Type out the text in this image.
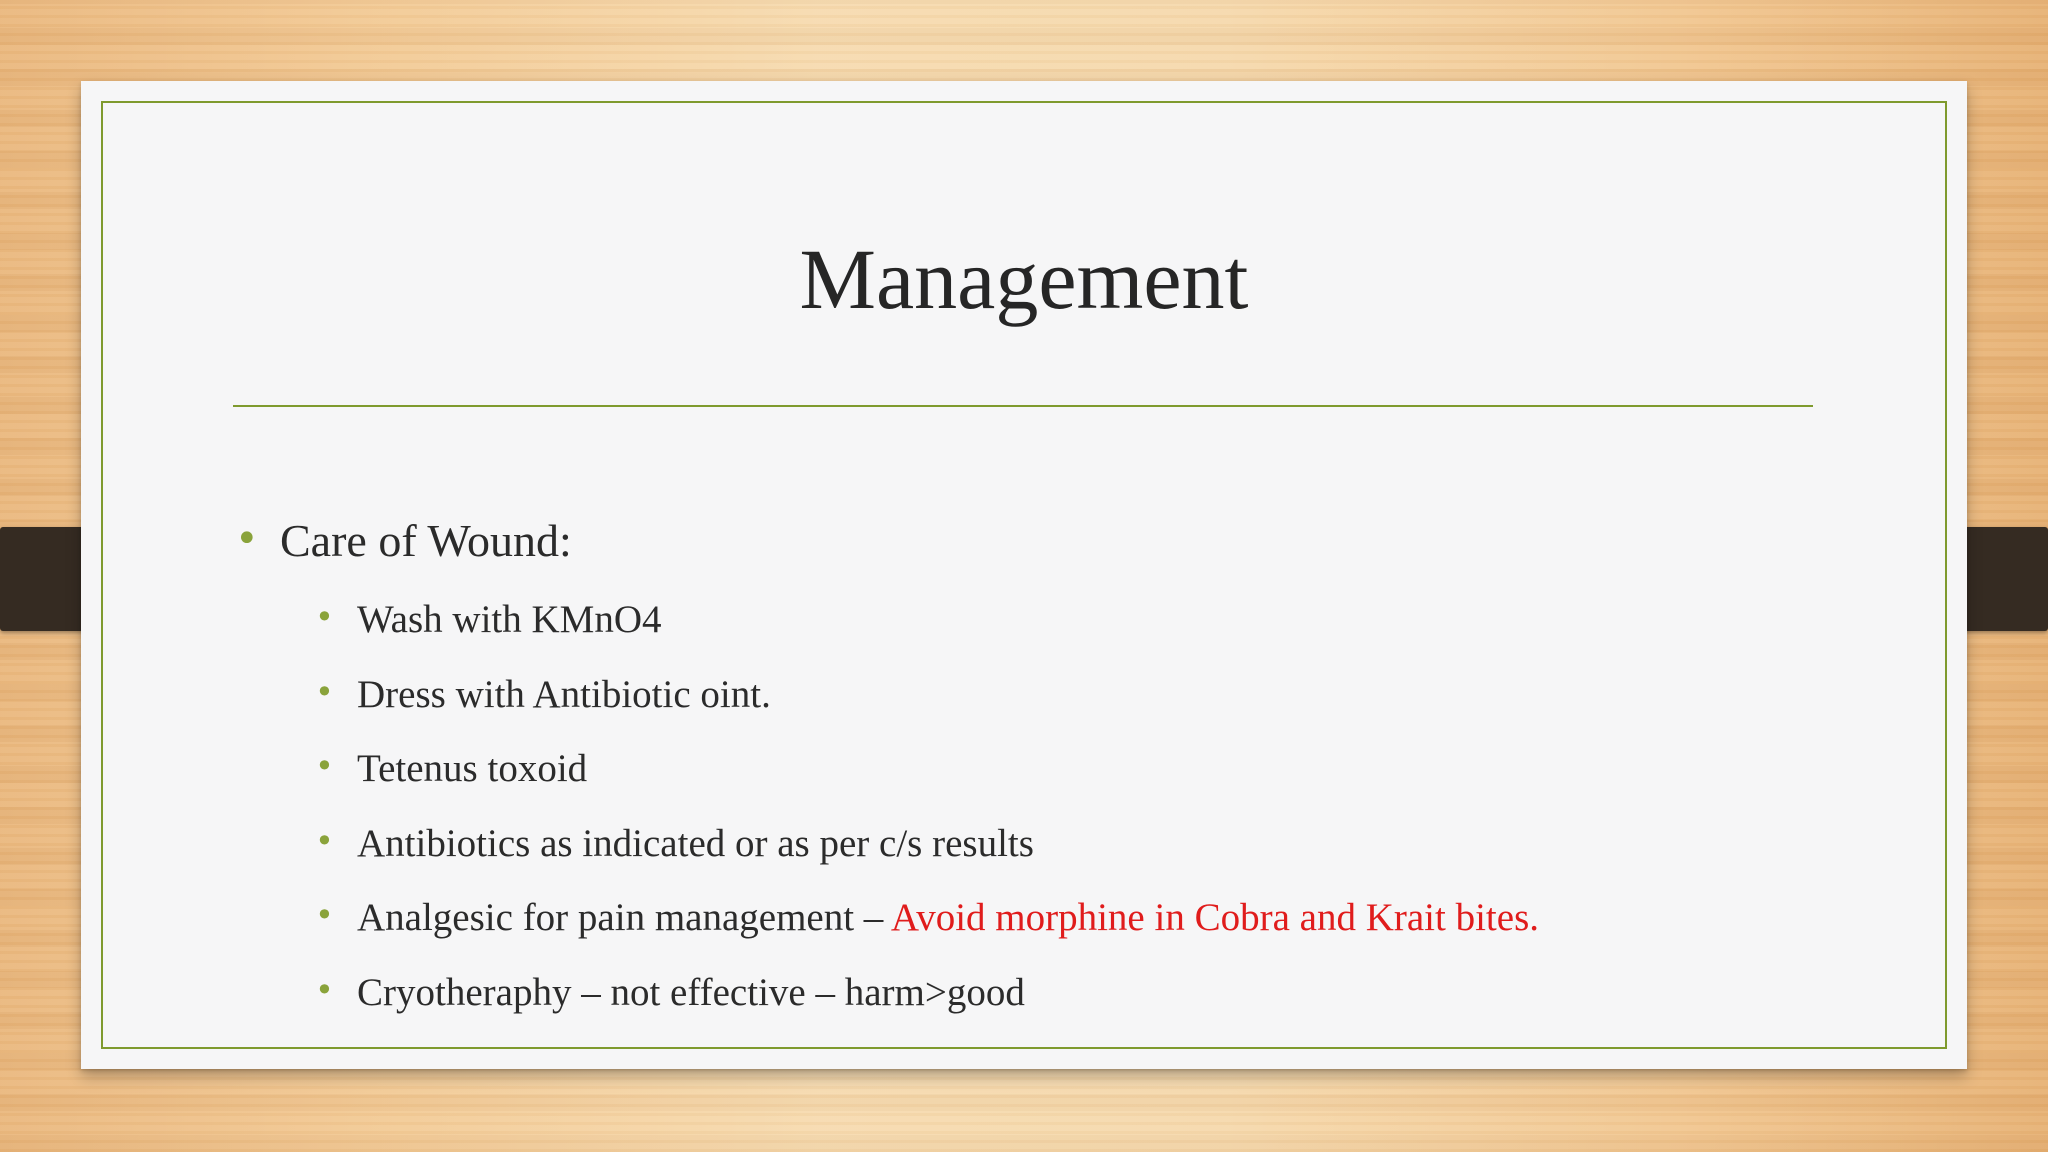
Management
• Care of Wound:
• Wash with KMnO4
• Dress with Antibiotic oint.
• Tetenus toxoid
• Antibiotics as indicated or as per c/s results
• Analgesic for pain management – Avoid morphine in Cobra and Krait bites.
• Cryotheraphy – not effective – harm>good
